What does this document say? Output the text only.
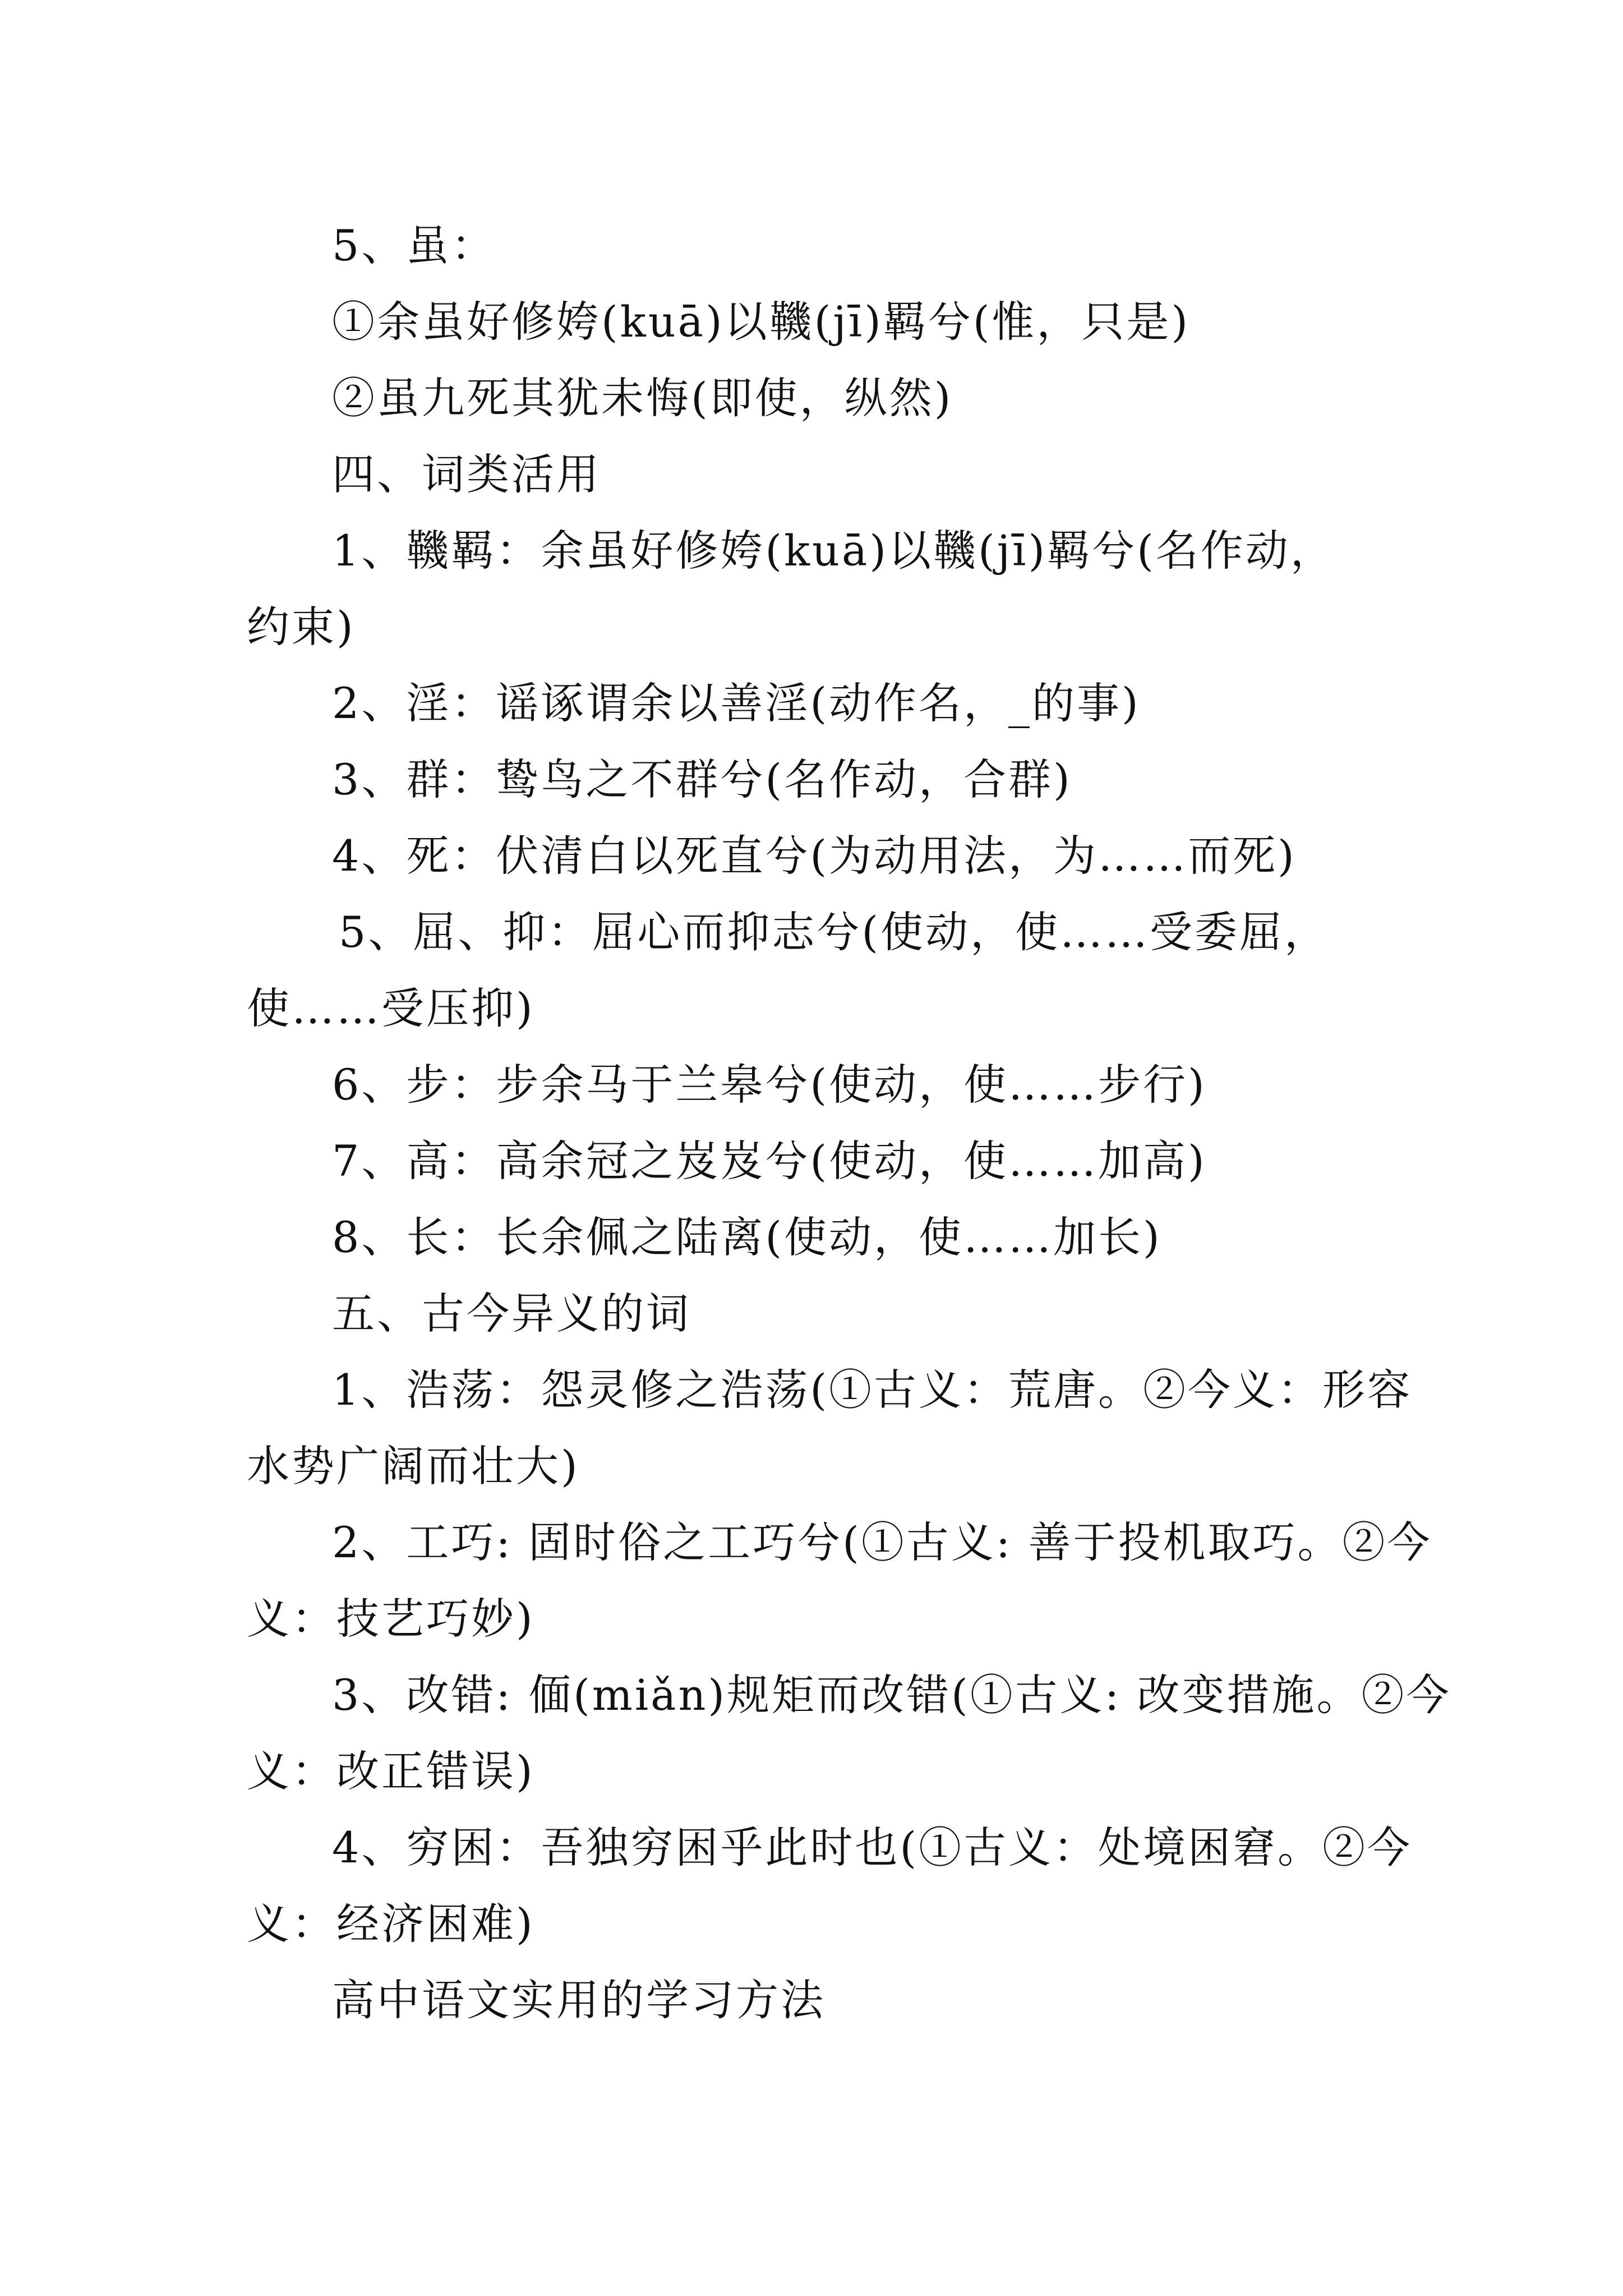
5、虽：
①余虽好修姱(kuā)以鞿(jī)羁兮(惟，只是)
②虽九死其犹未悔(即使，纵然)
四、词类活用
1、鞿羁：余虽好修姱(kuā)以鞿(jī)羁兮(名作动，
约束)
2、淫：谣诼谓余以善淫(动作名，_的事)
3、群：鸷鸟之不群兮(名作动，合群)
4、死：伏清白以死直兮(为动用法，为……而死)
5、屈、抑：屈心而抑志兮(使动，使……受委屈，
使……受压抑)
6、步：步余马于兰皋兮(使动，使……步行)
7、高：高余冠之岌岌兮(使动，使……加高)
8、长：长余佩之陆离(使动，使……加长)
五、古今异义的词
1、浩荡：怨灵修之浩荡(①古义：荒唐。②今义：形容
水势广阔而壮大)
2、工巧: 固时俗之工巧兮(①古义: 善于投机取巧。②今
义：技艺巧妙)
3、改错: 偭(miǎn)规矩而改错(①古义: 改变措施。②今
义：改正错误)
4、穷困：吾独穷困乎此时也(①古义：处境困窘。②今
义：经济困难)
高中语文实用的学习方法
